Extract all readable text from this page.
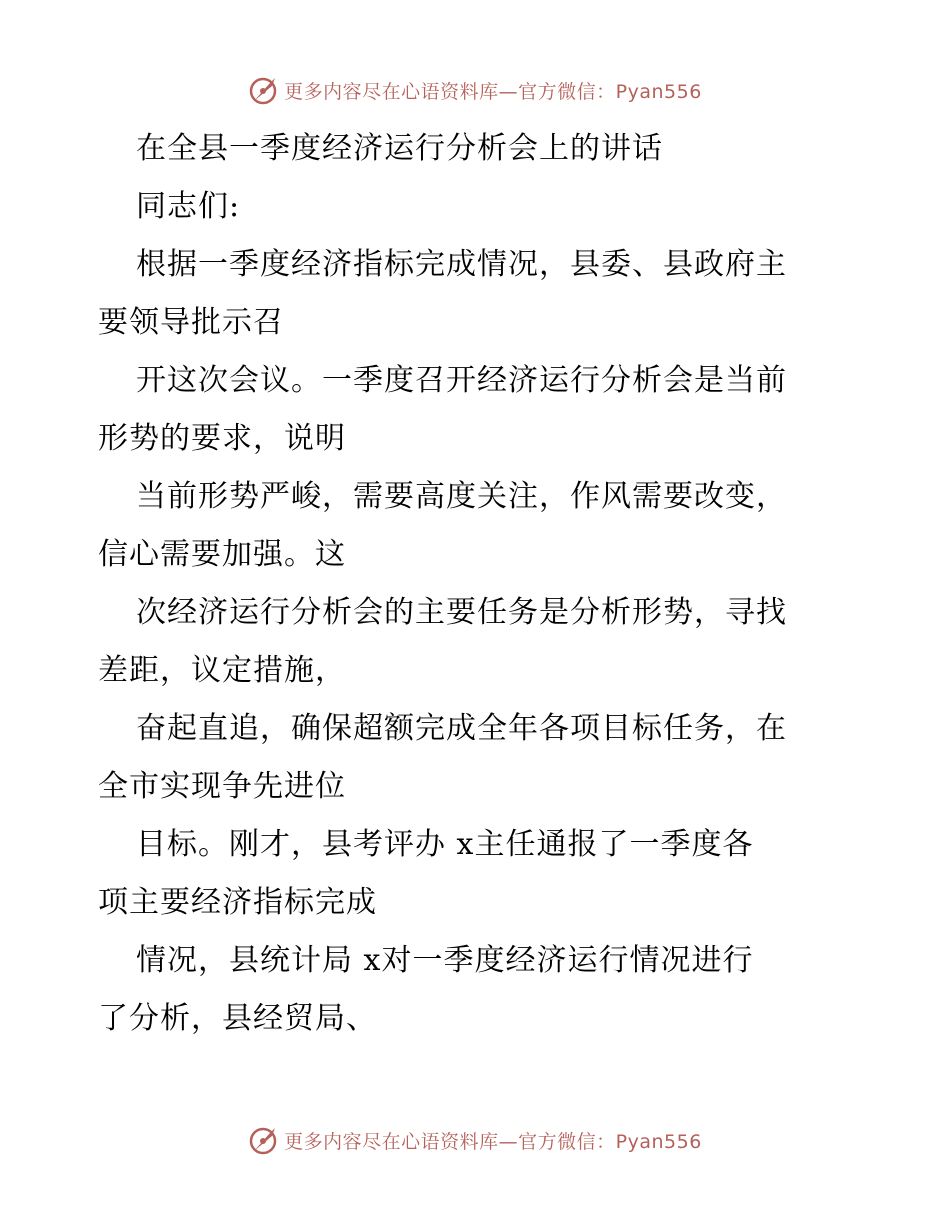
更多内容尽在心语资料库—官方微信：Pyan556
在全县一季度经济运行分析会上的讲话
同志们:
根据一季度经济指标完成情况，县委、县政府主
要领导批示召
开这次会议。一季度召开经济运行分析会是当前
形势的要求，说明
当前形势严峻，需要高度关注，作风需要改变，
信心需要加强。这
次经济运行分析会的主要任务是分析形势，寻找
差距，议定措施，
奋起直追，确保超额完成全年各项目标任务，在
全市实现争先进位
目标。刚才，县考评办 x主任通报了一季度各
项主要经济指标完成
情况，县统计局 x对一季度经济运行情况进行
了分析，县经贸局、
更多内容尽在心语资料库—官方微信：Pyan556
